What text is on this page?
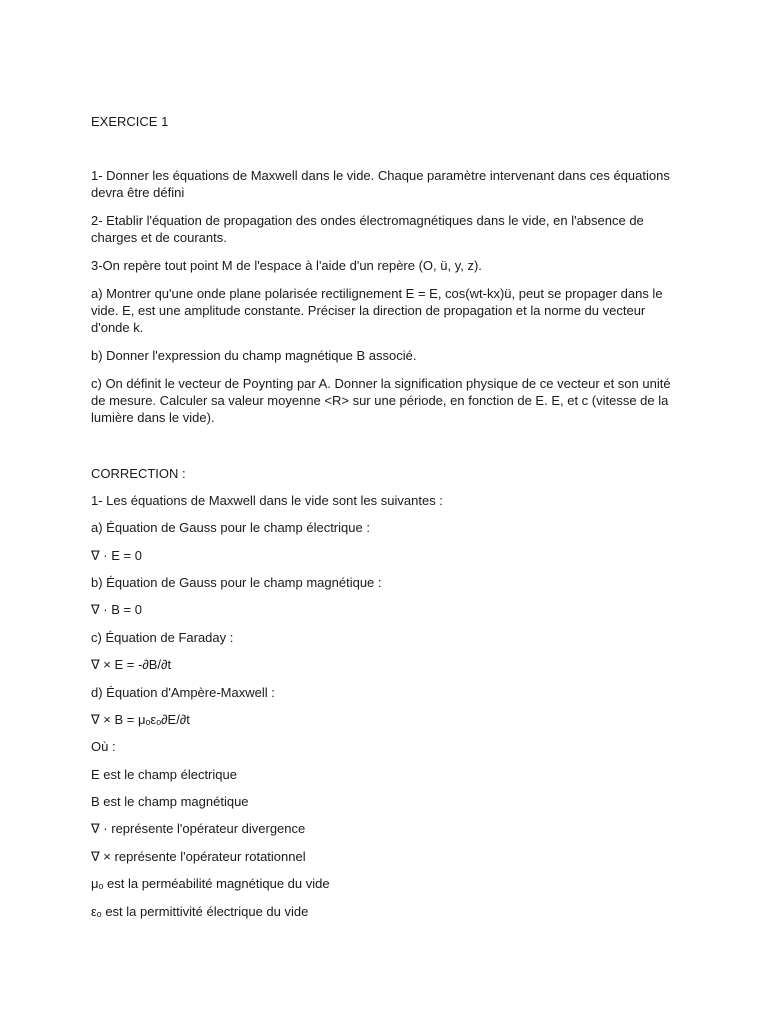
EXERCICE 1

1- Donner les équations de Maxwell dans le vide. Chaque paramètre intervenant dans ces équations devra être défini

2- Etablir l'équation de propagation des ondes électromagnétiques dans le vide, en l'absence de charges et de courants.

3-On repère tout point M de l'espace à l'aide d'un repère (O, ü, y, z).

a) Montrer qu'une onde plane polarisée rectilignement E = E, cos(wt-kx)ü, peut se propager dans le vide. E, est une amplitude constante. Préciser la direction de propagation et la norme du vecteur d'onde k.

b) Donner l'expression du champ magnétique B associé.

c) On définit le vecteur de Poynting par A. Donner la signification physique de ce vecteur et son unité de mesure. Calculer sa valeur moyenne <R> sur une période, en fonction de E. E, et c (vitesse de la lumière dans le vide).

CORRECTION :

1- Les équations de Maxwell dans le vide sont les suivantes :

a) Équation de Gauss pour le champ électrique :

∇ · E = 0

b) Équation de Gauss pour le champ magnétique :

∇ · B = 0

c) Équation de Faraday :

∇ × E = -∂B/∂t

d) Équation d'Ampère-Maxwell :

∇ × B = μₒεₒ∂E/∂t

Où :

E est le champ électrique

B est le champ magnétique

∇ · représente l'opérateur divergence

∇ × représente l'opérateur rotationnel

μₒ est la perméabilité magnétique du vide

εₒ est la permittivité électrique du vide
